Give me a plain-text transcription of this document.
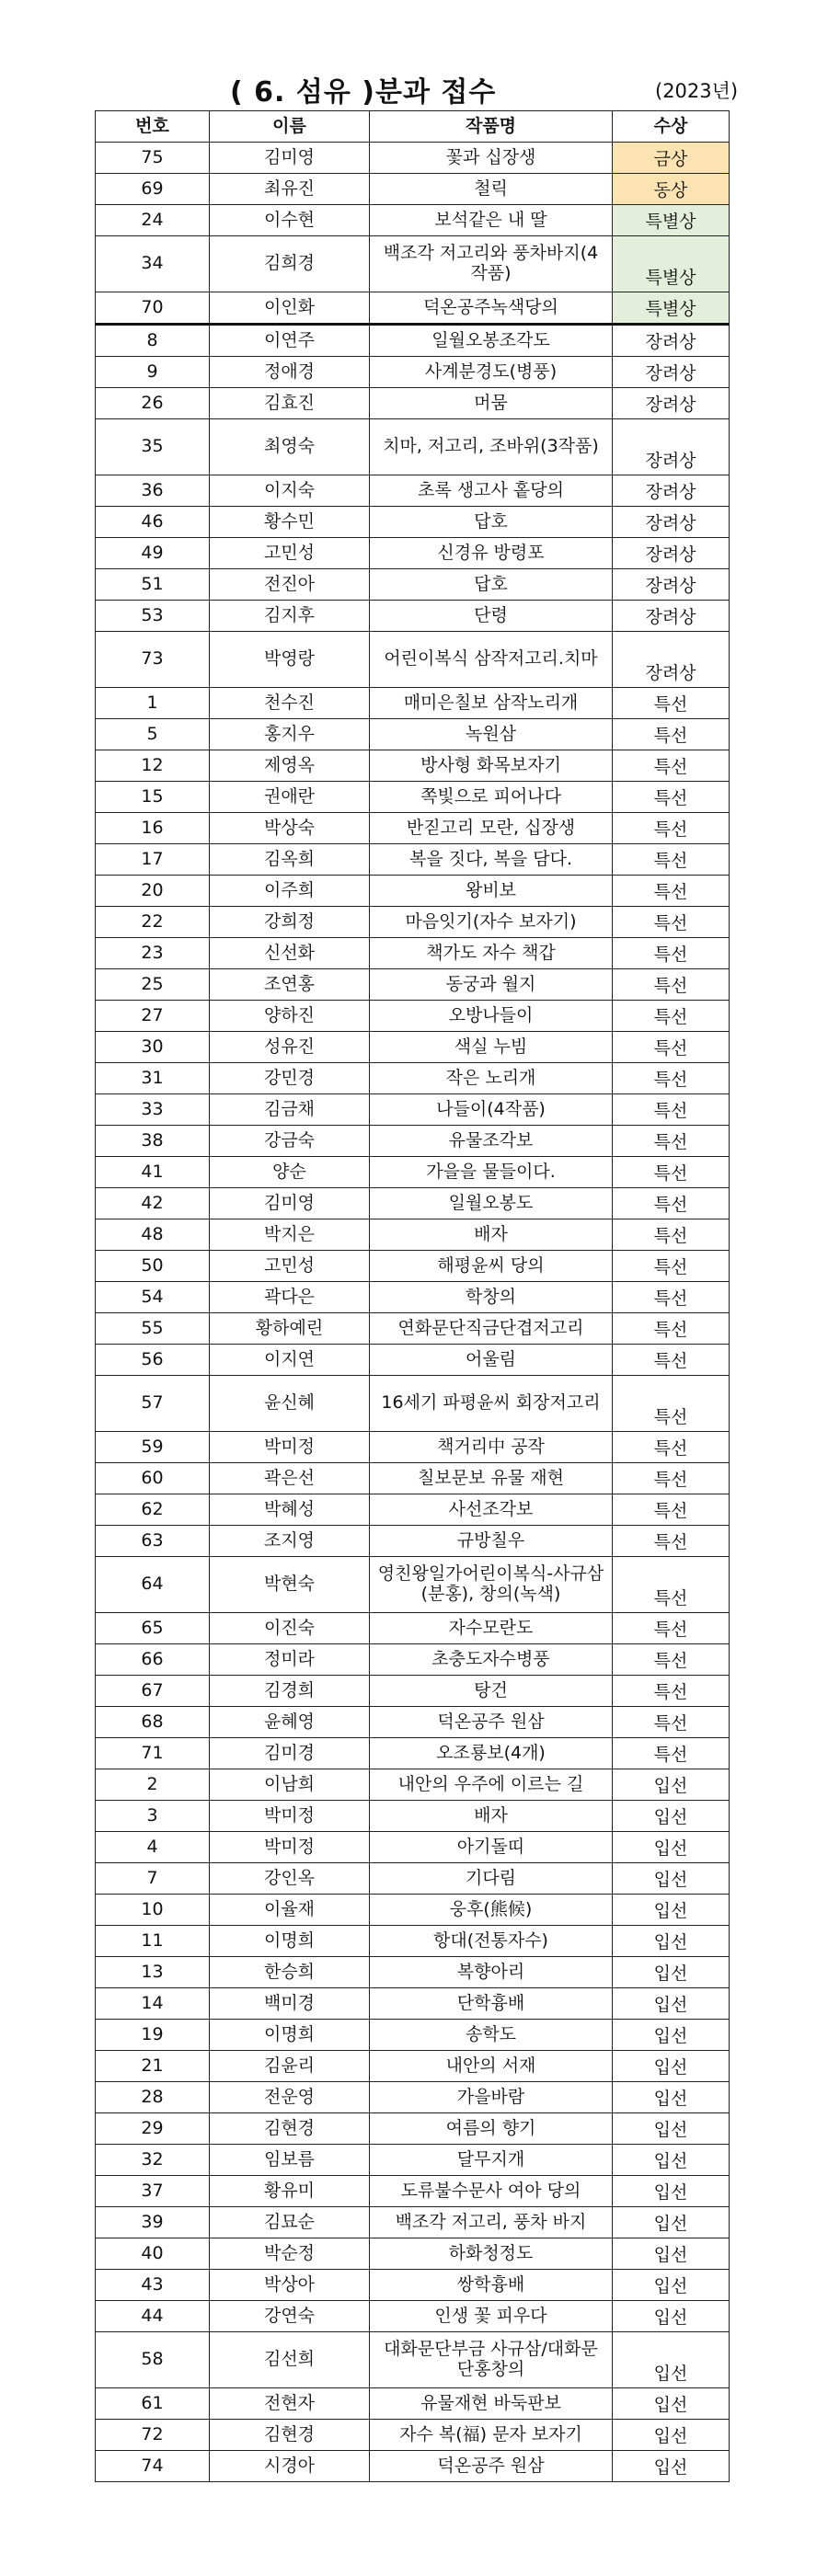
( 6. 섬유 )분과 접수	(2023년)
번호	이름	작품명	수상
75	김미영	꽃과 십장생	금상
69	최유진	철릭	동상
24	이수현	보석같은 내 딸	특별상
34	김희경	백조각 저고리와 풍차바지(4작품)	특별상
70	이인화	덕온공주녹색당의	특별상
8	이연주	일월오봉조각도	장려상
9	정애경	사계분경도(병풍)	장려상
26	김효진	머뭄	장려상
35	최영숙	치마, 저고리, 조바위(3작품)	장려상
36	이지숙	초록 생고사 홑당의	장려상
46	황수민	답호	장려상
49	고민성	신경유 방령포	장려상
51	전진아	답호	장려상
53	김지후	단령	장려상
73	박영랑	어린이복식 삼작저고리.치마	장려상
1	천수진	매미은칠보 삼작노리개	특선
5	홍지우	녹원삼	특선
12	제영옥	방사형 화목보자기	특선
15	권애란	쪽빛으로 피어나다	특선
16	박상숙	반짇고리 모란, 십장생	특선
17	김옥희	복을 짓다, 복을 담다.	특선
20	이주희	왕비보	특선
22	강희정	마음잇기(자수 보자기)	특선
23	신선화	책가도 자수 책갑	특선
25	조연홍	동궁과 월지	특선
27	양하진	오방나들이	특선
30	성유진	색실 누빔	특선
31	강민경	작은 노리개	특선
33	김금채	나들이(4작품)	특선
38	강금숙	유물조각보	특선
41	양순	가을을 물들이다.	특선
42	김미영	일월오봉도	특선
48	박지은	배자	특선
50	고민성	해평윤씨 당의	특선
54	곽다은	학창의	특선
55	황하예린	연화문단직금단겹저고리	특선
56	이지연	어울림	특선
57	윤신혜	16세기 파평윤씨 회장저고리	특선
59	박미정	책거리中 공작	특선
60	곽은선	칠보문보 유물 재현	특선
62	박혜성	사선조각보	특선
63	조지영	규방칠우	특선
64	박현숙	영친왕일가어린이복식-사규삼(분홍), 창의(녹색)	특선
65	이진숙	자수모란도	특선
66	정미라	초충도자수병풍	특선
67	김경희	탕건	특선
68	윤혜영	덕온공주 원삼	특선
71	김미경	오조룡보(4개)	특선
2	이남희	내안의 우주에 이르는 길	입선
3	박미정	배자	입선
4	박미정	아기돌띠	입선
7	강인옥	기다림	입선
10	이율재	웅후(熊候)	입선
11	이명희	항대(전통자수)	입선
13	한승희	복향아리	입선
14	백미경	단학흉배	입선
19	이명희	송학도	입선
21	김윤리	내안의 서재	입선
28	전운영	가을바람	입선
29	김현경	여름의 향기	입선
32	임보름	달무지개	입선
37	황유미	도류불수문사 여아 당의	입선
39	김묘순	백조각 저고리, 풍차 바지	입선
40	박순정	하화청정도	입선
43	박상아	쌍학흉배	입선
44	강연숙	인생 꽃 피우다	입선
58	김선희	대화문단부금 사규삼/대화문단홍창의	입선
61	전현자	유물재현 바둑판보	입선
72	김현경	자수 복(福) 문자 보자기	입선
74	시경아	덕온공주 원삼	입선
